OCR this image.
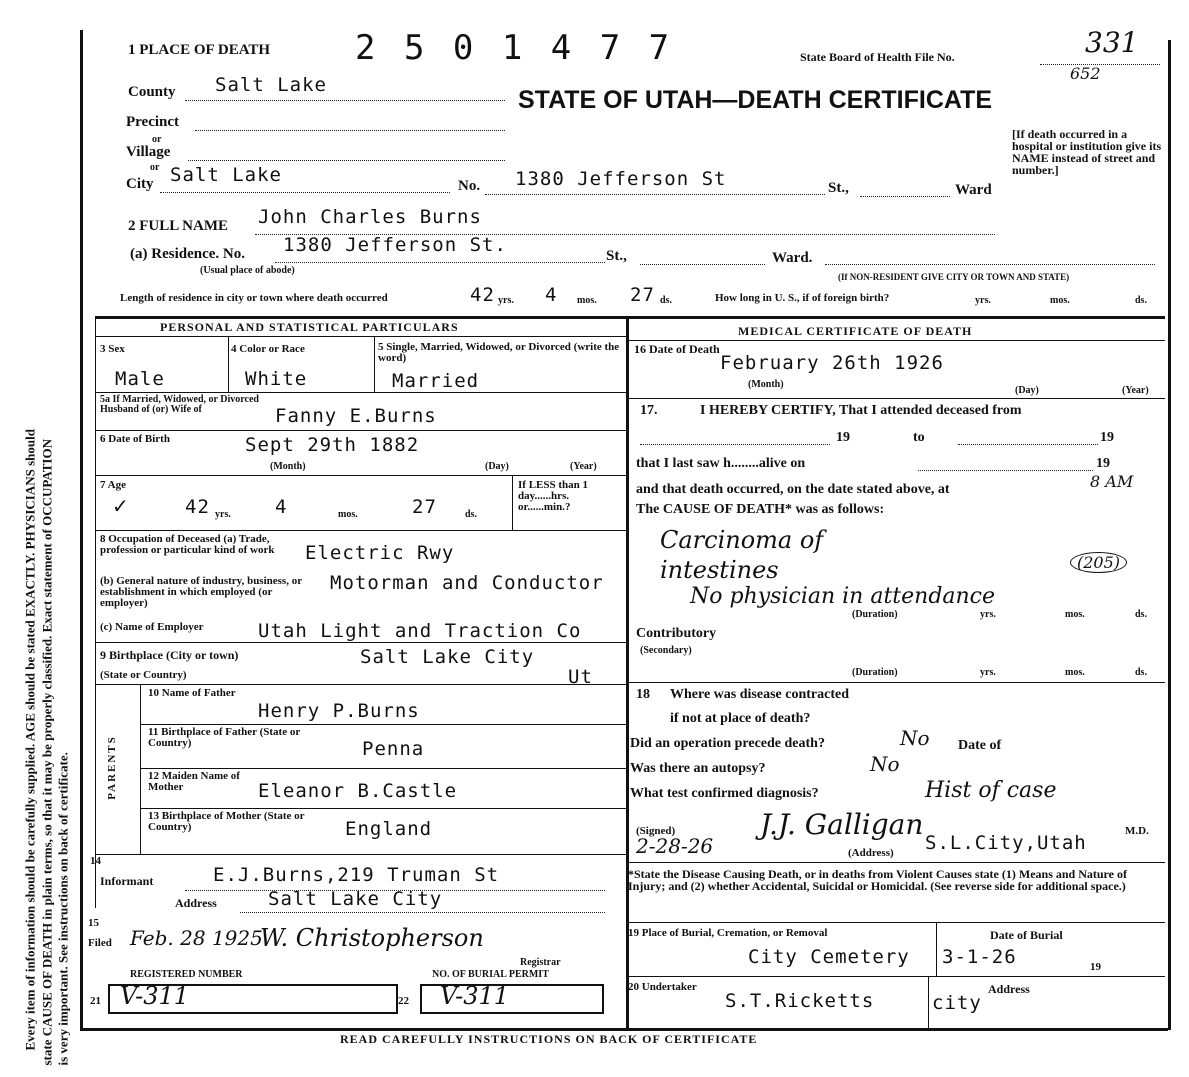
Every item of information should be carefully supplied. AGE should be stated EXACTLY. PHYSICIANS should state CAUSE OF DEATH in plain terms, so that it may be properly classified. Exact statement of OCCUPATION is very important. See instructions on back of certificate.
1 PLACE OF DEATH 2 5 0 1 4 7 7	State Board of Health File No.	331
652
STATE OF UTAH—DEATH CERTIFICATE
County Salt Lake
Precinct
or
Village
or
City Salt Lake	No. 1380 Jefferson St	St.,	Ward
[If death occurred in a hospital or institution give its NAME instead of street and number.]
2 FULL NAME John Charles Burns
(a) Residence. No. 1380 Jefferson St.	St.,	Ward.
(Usual place of abode)
(If NON-RESIDENT GIVE CITY OR TOWN AND STATE)
Length of residence in city or town where death occurred	42 yrs. 4 mos. 27 ds.	How long in U. S., if of foreign birth?	yrs.	mos.	ds.
PERSONAL AND STATISTICAL PARTICULARS	MEDICAL CERTIFICATE OF DEATH
3 Sex
Male
4 Color or Race
White
5 Single, Married, Widowed, or Divorced (write the word)
Married
5a If Married, Widowed, or Divorced Husband of (or) Wife of	Fanny E.Burns
6 Date of Birth	Sept 29th 1882
(Month)	(Day)	(Year)
7 Age
✓	42 yrs. 4	mos.	27	ds.
If LESS than 1 day......hrs. or......min.?
8 Occupation of Deceased (a) Trade, profession or particular kind of work	Electric Rwy
(b) General nature of industry, business, or establishment in which employed (or employer)
Motorman and Conductor
(c) Name of Employer	Utah Light and Traction Co
9 Birthplace (City or town)	Salt Lake City
(State or Country)	Ut
PARENTS
10 Name of Father
Henry P.Burns
11 Birthplace of Father (State or Country)	Penna
12 Maiden Name of Mother	Eleanor B.Castle
13 Birthplace of Mother (State or Country)	England
14
Informant	E.J.Burns,219 Truman St
Address	Salt Lake City
15
Filed Feb. 28 1925
W. Christopherson
Registrar
REGISTERED NUMBER	NO. OF BURIAL PERMIT
21 V-311	22 V-311
16 Date of Death
February 26th 1926
(Month)
(Day)	(Year)
17.	I HEREBY CERTIFY, That I attended deceased from
19	to	19
that I last saw h........alive on	19
and that death occurred, on the date stated above, at	8 AM
The CAUSE OF DEATH* was as follows:
Carcinoma of
intestines	(205)
No physician in attendance
(Duration)	yrs.	mos.	ds.
Contributory
(Secondary)
(Duration)	yrs.	mos.	ds.
18 Where was disease contracted
if not at place of death?
Did an operation precede death?	No Date of
Was there an autopsy?	No
What test confirmed diagnosis?	Hist of case
J.J. Galligan
(Signed)
2-28-26
M.D.
(Address) S.L.City,Utah
*State the Disease Causing Death, or in deaths from Violent Causes state (1) Means and Nature of Injury; and (2) whether Accidental, Suicidal or Homicidal. (See reverse side for additional space.)
19 Place of Burial, Cremation, or Removal
City Cemetery
Date of Burial
3-1-26	19
20 Undertaker
S.T.Ricketts
Address
city
READ CAREFULLY INSTRUCTIONS ON BACK OF CERTIFICATE
